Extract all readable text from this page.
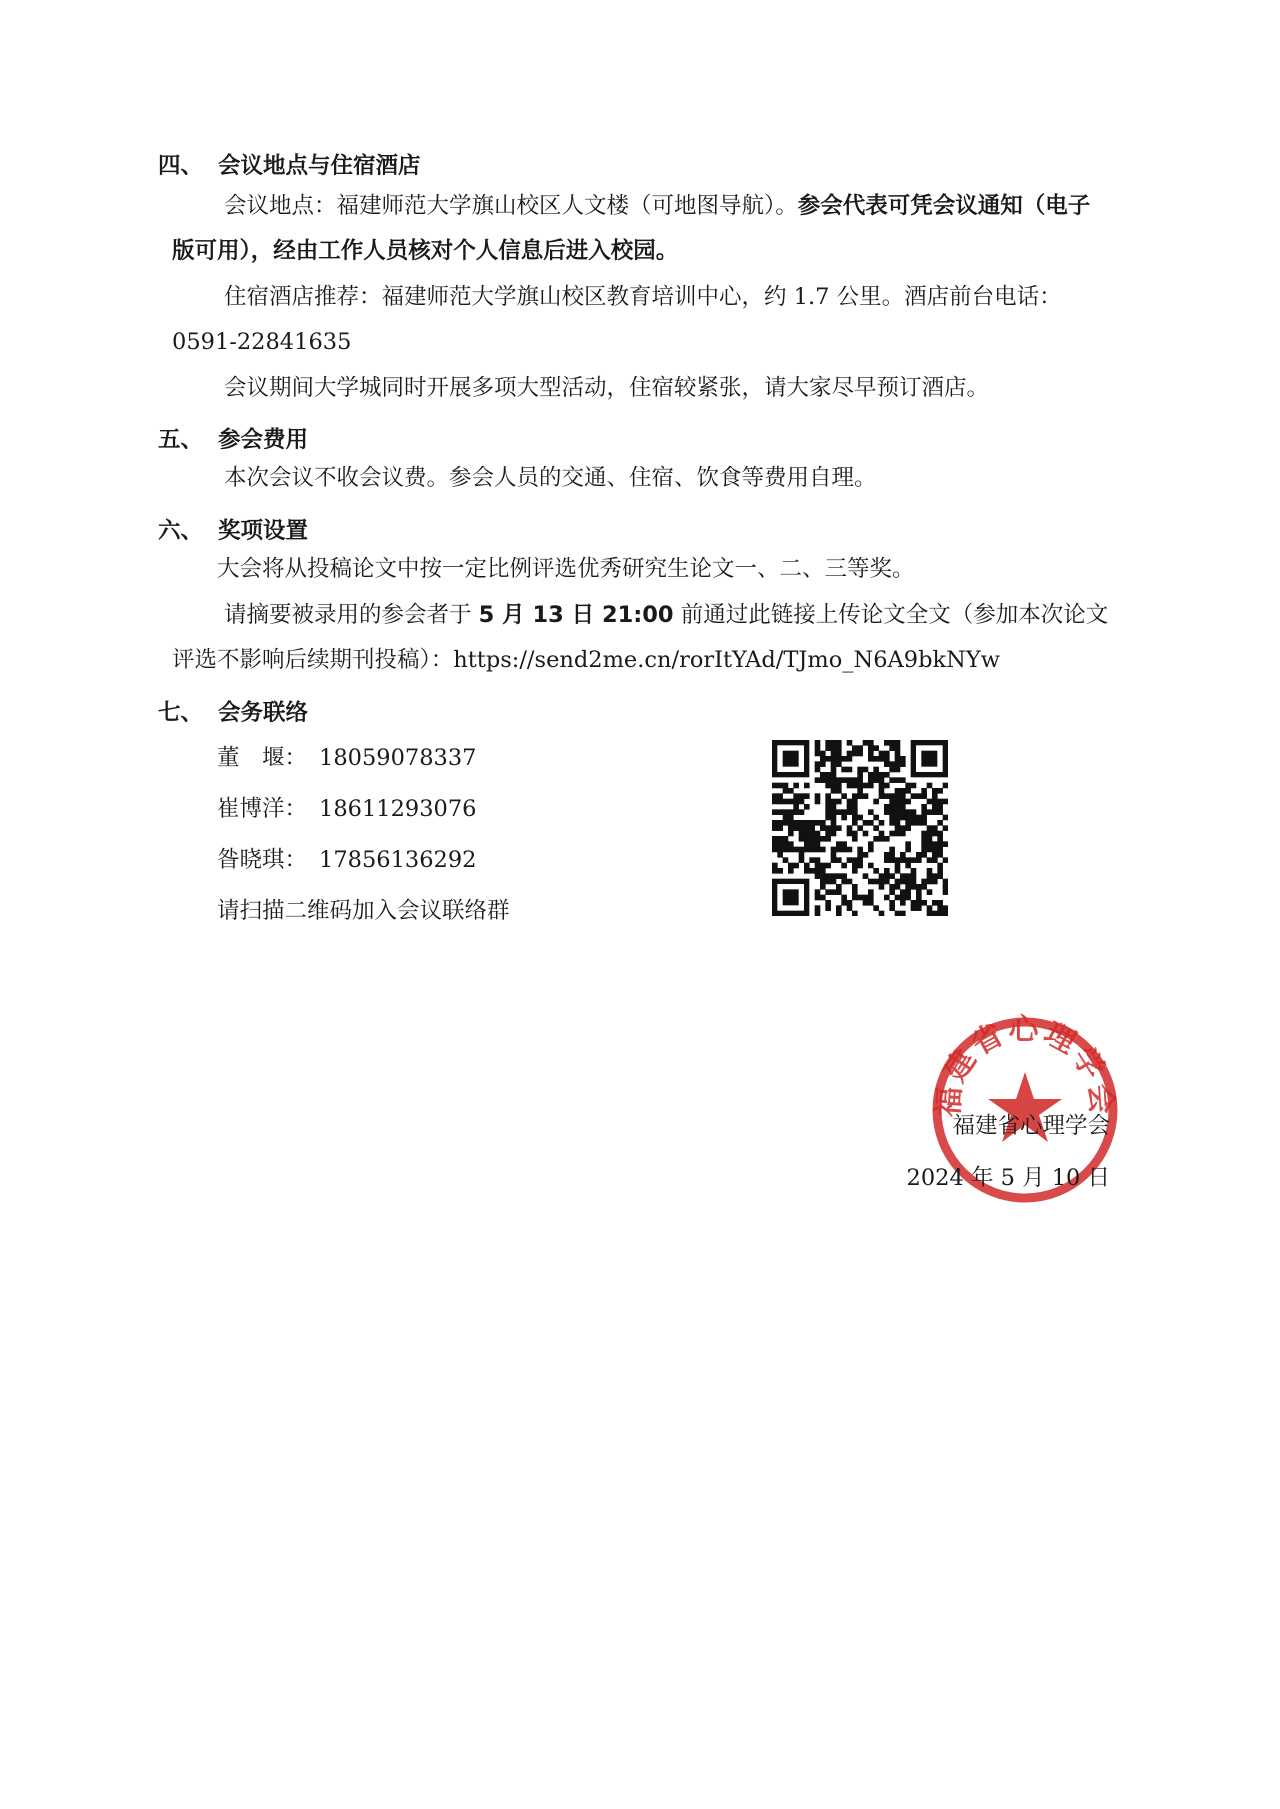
四、 会议地点与住宿酒店
会议地点：福建师范大学旗山校区人文楼（可地图导航）。参会代表可凭会议通知（电子版可用），经由工作人员核对个人信息后进入校园。
住宿酒店推荐：福建师范大学旗山校区教育培训中心，约 1.7 公里。酒店前台电话：0591-22841635
会议期间大学城同时开展多项大型活动，住宿较紧张，请大家尽早预订酒店。
五、 参会费用
本次会议不收会议费。参会人员的交通、住宿、饮食等费用自理。
六、 奖项设置
大会将从投稿论文中按一定比例评选优秀研究生论文一、二、三等奖。
请摘要被录用的参会者于 5 月 13 日 21:00 前通过此链接上传论文全文（参加本次论文评选不影响后续期刊投稿）：https://send2me.cn/rorItYAd/TJmo_N6A9bkNYw
七、 会务联络
董　堰： 18059078337
崔博洋： 18611293076
昝晓琪： 17856136292
请扫描二维码加入会议联络群
福建省心理学会
福建省心理学会
2024 年 5 月 10 日
